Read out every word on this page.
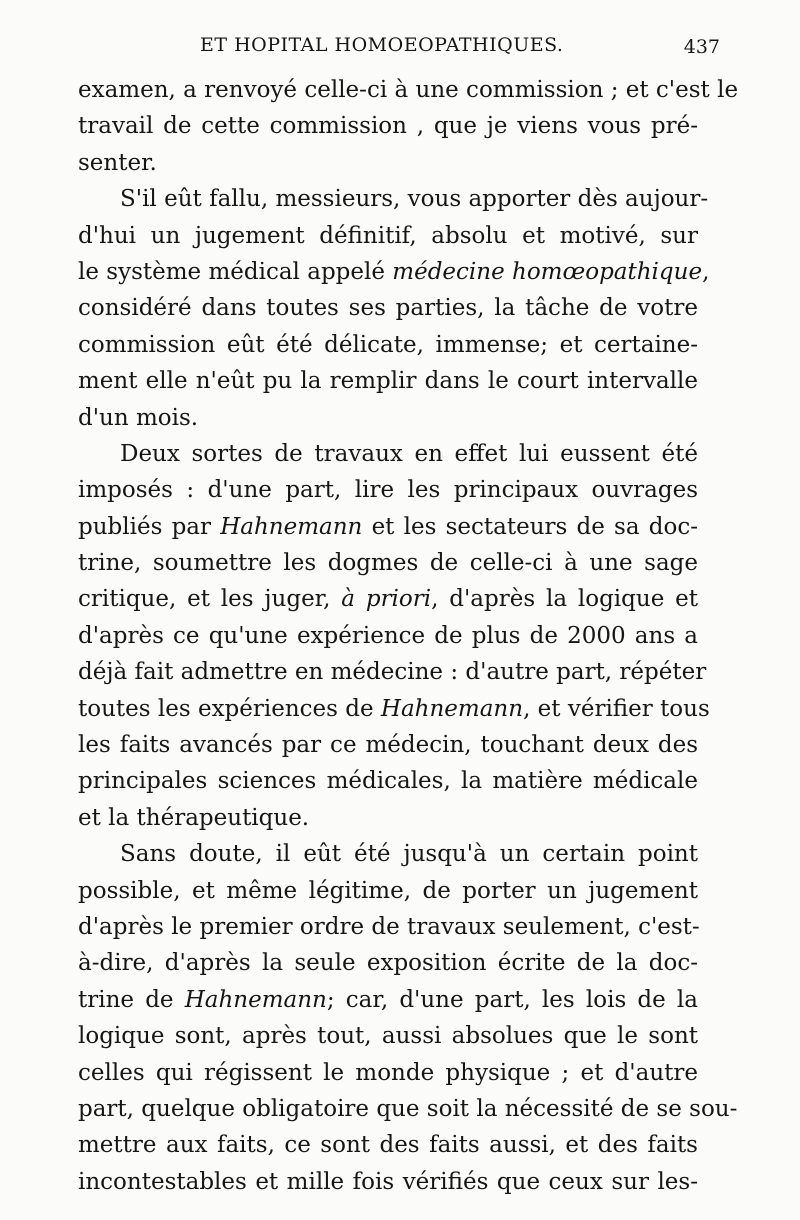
ET HOPITAL HOMOEOPATHIQUES.	437
examen, a renvoyé celle-ci à une commission ; et c'est le
travail de cette commission , que je viens vous pré-
senter.
S'il eût fallu, messieurs, vous apporter dès aujour-
d'hui un jugement définitif, absolu et motivé, sur
le système médical appelé médecine homœopathique,
considéré dans toutes ses parties, la tâche de votre
commission eût été délicate, immense; et certaine-
ment elle n'eût pu la remplir dans le court intervalle
d'un mois.
Deux sortes de travaux en effet lui eussent été
imposés : d'une part, lire les principaux ouvrages
publiés par Hahnemann et les sectateurs de sa doc-
trine, soumettre les dogmes de celle-ci à une sage
critique, et les juger, à priori, d'après la logique et
d'après ce qu'une expérience de plus de 2000 ans a
déjà fait admettre en médecine : d'autre part, répéter
toutes les expériences de Hahnemann, et vérifier tous
les faits avancés par ce médecin, touchant deux des
principales sciences médicales, la matière médicale
et la thérapeutique.
Sans doute, il eût été jusqu'à un certain point
possible, et même légitime, de porter un jugement
d'après le premier ordre de travaux seulement, c'est-
à-dire, d'après la seule exposition écrite de la doc-
trine de Hahnemann; car, d'une part, les lois de la
logique sont, après tout, aussi absolues que le sont
celles qui régissent le monde physique ; et d'autre
part, quelque obligatoire que soit la nécessité de se sou-
mettre aux faits, ce sont des faits aussi, et des faits
incontestables et mille fois vérifiés que ceux sur les-
